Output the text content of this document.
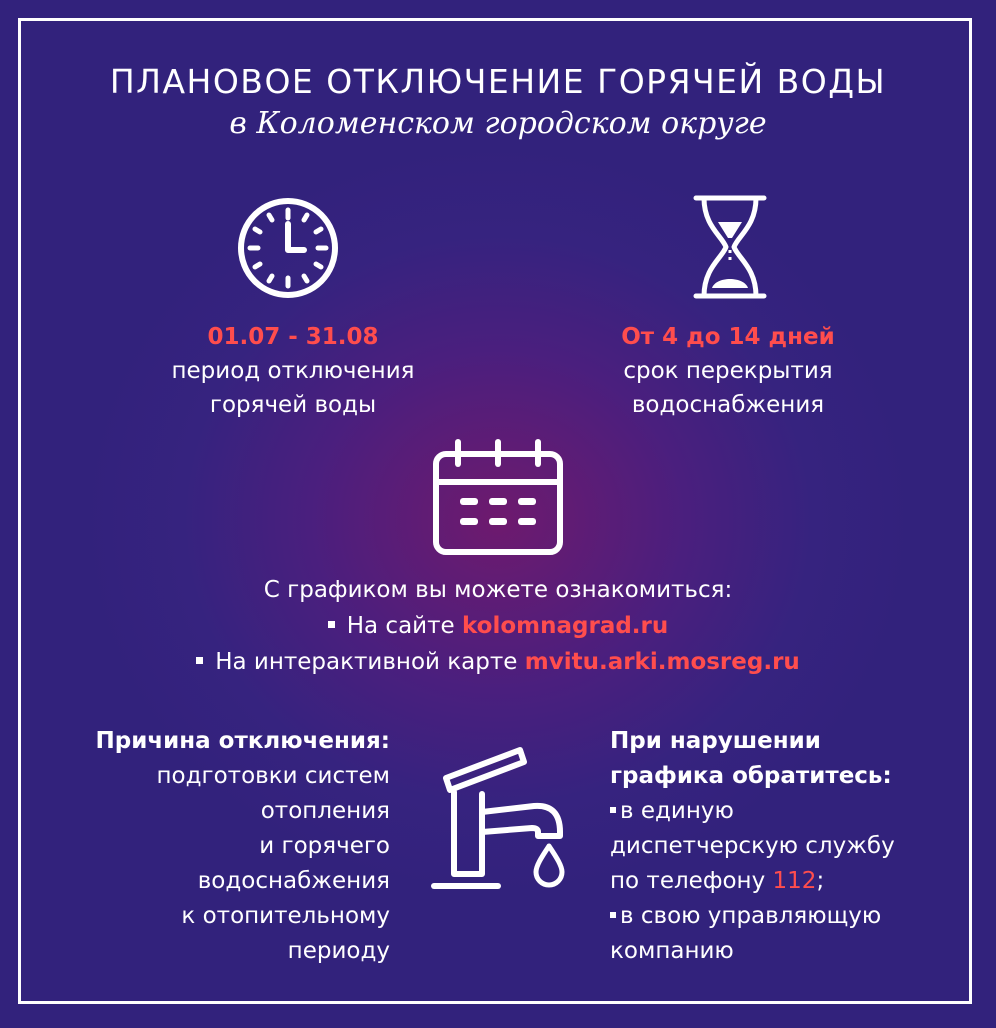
ПЛАНОВОЕ ОТКЛЮЧЕНИЕ ГОРЯЧЕЙ ВОДЫ
в Коломенском городском округе
01.07 - 31.08
период отключения
горячей воды
От 4 до 14 дней
срок перекрытия
водоснабжения
С графиком вы можете ознакомиться:
На сайте kolomnagrad.ru
На интерактивной карте mvitu.arki.mosreg.ru
Причина отключения:
подготовки систем
отопления
и горячего
водоснабжения
к отопительному
периоду
При нарушении
графика обратитесь:
в единую
диспетчерскую службу
по телефону 112;
в свою управляющую
компанию
